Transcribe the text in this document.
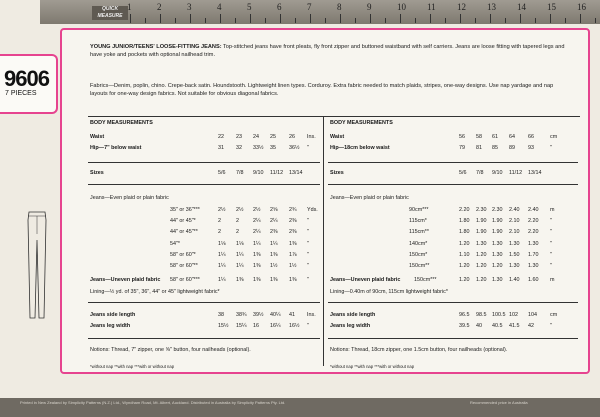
QUICK MEASURE
1	2	3	4	5	6	7	8	9	10 11 12 13 14 15 16
9606
7 PIECES
YOUNG JUNIOR/TEENS' LOOSE-FITTING JEANS: Top-stitched jeans have front pleats, fly front zipper and buttoned waistband with self carriers. Jeans are loose fitting with tapered legs and have yoke and pockets with optional nailhead trim.
Fabrics—Denim, poplin, chino. Crepe-back satin. Houndstooth. Lightweight linen types. Corduroy. Extra fabric needed to match plaids, stripes, one-way designs. Use nap yardage and nap layouts for one-way design fabrics. Not suitable for obvious diagonal fabrics.
BODY MEASUREMENTS
Waist	22 23 24 25 26 Ins.
Hip—7" below waist	31 32 33½ 35 36½ "
Sizes	5/6 7/8 9/10 11/12 13/14
Jeans—Even plaid or plain fabric
35" or 36"***	2½ 2½ 2½ 2⅝ 2¾ Yds.
44" or 45"*	2	2	2¼ 2¼ 2⅜ "
44" or 45"**	2	2	2¼ 2⅜ 2⅜ "
54"*	1⅛ 1⅛ 1¼ 1¼ 1⅜ "
58" or 60"*	1¼ 1¼ 1⅜ 1⅜ 1⅞ "
58" or 60"**	1¼ 1¼ 1⅜ 1½ 1½ "
Jeans—Uneven plaid fabric 58" or 60"***	1¼ 1⅜ 1⅜ 1⅜ 1⅜ "
Lining—½ yd. of 35", 36", 44" or 45" lightweight fabric*
Jeans side length	38 38¾ 39½ 40¼ 41 Ins.
Jeans leg width	15½ 15¼ 16 16¼ 16½ "
Notions: Thread, 7" zipper, one ⅝" button, four nailheads (optional).
*without nap **with nap ***with or without nap
BODY MEASUREMENTS
Waist	56 58 61 64 66	cm
Hip—18cm below waist	79 81 85 89 93	"
Sizes	5/6 7/8 9/10 11/12 13/14
Jeans—Even plaid or plain fabric
90cm***	2.20 2.30 2.30 2.40 2.40 m
115cm*	1.80 1.90 1.90 2.10 2.20 "
115cm**	1.80 1.90 1.90 2.10 2.20 "
140cm*	1.20 1.30 1.30 1.30 1.30 "
150cm*	1.10 1.20 1.30 1.50 1.70 "
150cm**	1.20 1.20 1.20 1.30 1.30 "
Jeans—Uneven plaid fabric	150cm***	1.20 1.20 1.30 1.40 1.60 m
Lining—0.40m of 90cm, 115cm lightweight fabric*
Jeans side length	96.5 98.5 100.5 102 104 cm
Jeans leg width	39.5 40 40.5 41.5 42	"
Notions: Thread, 18cm zipper, one 1.5cm button, four nailheads (optional).
*without nap **with nap ***with or without nap
Printed in New Zealand by Simplicity Patterns (N.Z.) Ltd., Wyndham Road, Mt. Albert, Auckland. Distributed in Australia by Simplicity Patterns Pty. Ltd.	Recommended price in Australia
